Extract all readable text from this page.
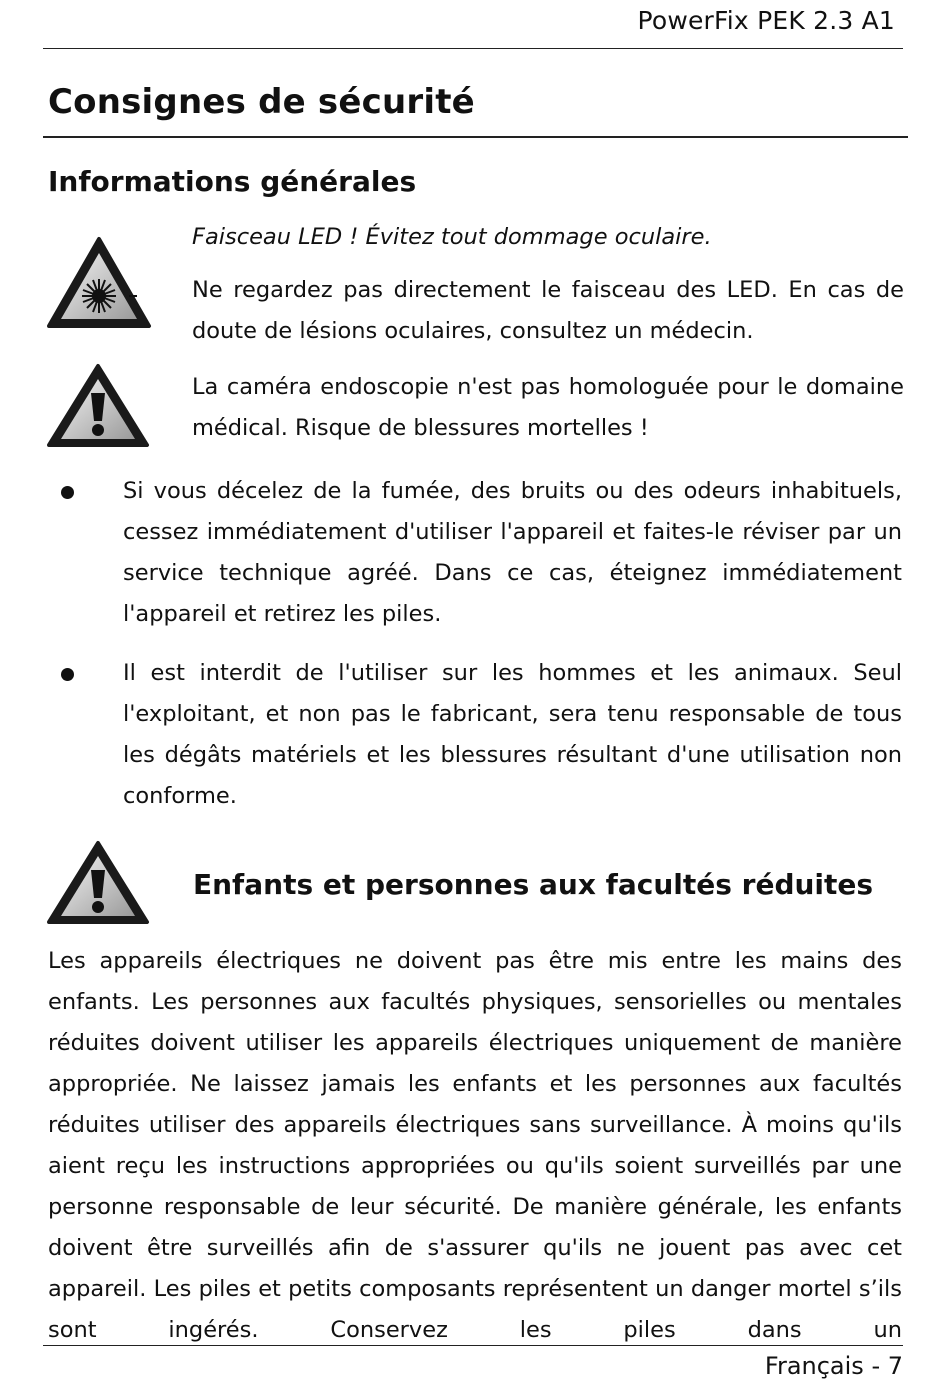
PowerFix PEK 2.3 A1
Consignes de sécurité
Informations générales
Faisceau LED ! Évitez tout dommage oculaire.
Ne regardez pas directement le faisceau des LED. En cas de doute de lésions oculaires, consultez un médecin.
La caméra endoscopie n'est pas homologuée pour le domaine médical. Risque de blessures mortelles !
Si vous décelez de la fumée, des bruits ou des odeurs inhabituels, cessez immédiatement d'utiliser l'appareil et faites-le réviser par un service technique agréé. Dans ce cas, éteignez immédiatement l'appareil et retirez les piles.
Il est interdit de l'utiliser sur les hommes et les animaux. Seul l'exploitant, et non pas le fabricant, sera tenu responsable de tous les dégâts matériels et les blessures résultant d'une utilisation non conforme.
Enfants et personnes aux facultés réduites
Les appareils électriques ne doivent pas être mis entre les mains des enfants. Les personnes aux facultés physiques, sensorielles ou mentales réduites doivent utiliser les appareils électriques uniquement de manière appropriée. Ne laissez jamais les enfants et les personnes aux facultés réduites utiliser des appareils électriques sans surveillance. À moins qu'ils aient reçu les instructions appropriées ou qu'ils soient surveillés par une personne responsable de leur sécurité. De manière générale, les enfants doivent être surveillés afin de s'assurer qu'ils ne jouent pas avec cet appareil. Les piles et petits composants représentent un danger mortel s’ils sont ingérés. Conservez les piles dans un
Français - 7
